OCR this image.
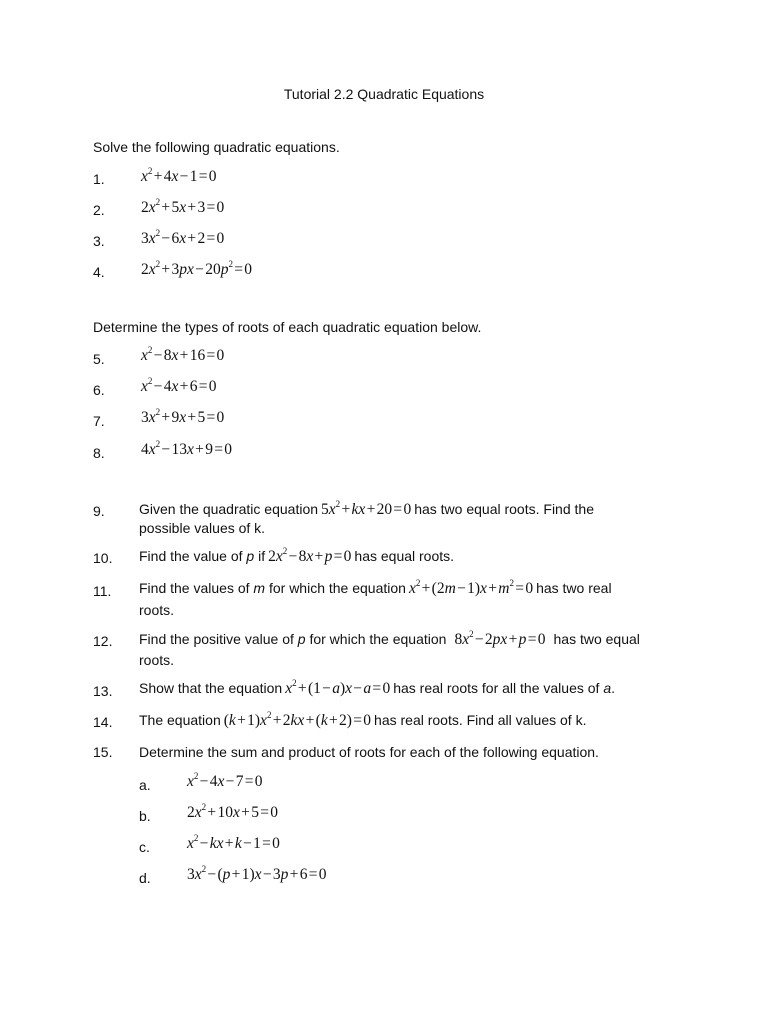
Tutorial 2.2 Quadratic Equations
Solve the following quadratic equations.
1. $x^2$ + 4x − 1 = 0
2. $2x^2$ + 5x + 3 = 0
3. $3x^2$ − 6x + 2 = 0
4. $2x^2$ + 3px − $20p^2$ = 0
Determine the types of roots of each quadratic equation below.
5. $x^2$ − 8x + 16 = 0
6. $x^2$ − 4x + 6 = 0
7. $3x^2$ + 9x + 5 = 0
8. $4x^2$ − 13x + 9 = 0
9. Given the quadratic equation $5x^2$ + kx + 20 = 0 has two equal roots. Find the
possible values of k.
10. Find the value of p if $2x^2$ − 8x + p = 0 has equal roots.
11. Find the values of m for which the equation $x^2$ + (2m − 1)x + $m^2$ = 0 has two real
roots.
12. Find the positive value of p for which the equation $8x^2$ − 2px + p = 0 has two equal
roots.
13. Show that the equation $x^2$ + (1 − a)x − a = 0 has real roots for all the values of a.
14. The equation (k + $1)x^2$ + 2kx + (k + 2) = 0 has real roots. Find all values of k.
15. Determine the sum and product of roots for each of the following equation.
a. $x^2$ − 4x − 7 = 0
b. $2x^2$ + 10x + 5 = 0
c. $x^2$ − kx + k − 1 = 0
d. $3x^2$ − (p + 1)x − 3p + 6 = 0
